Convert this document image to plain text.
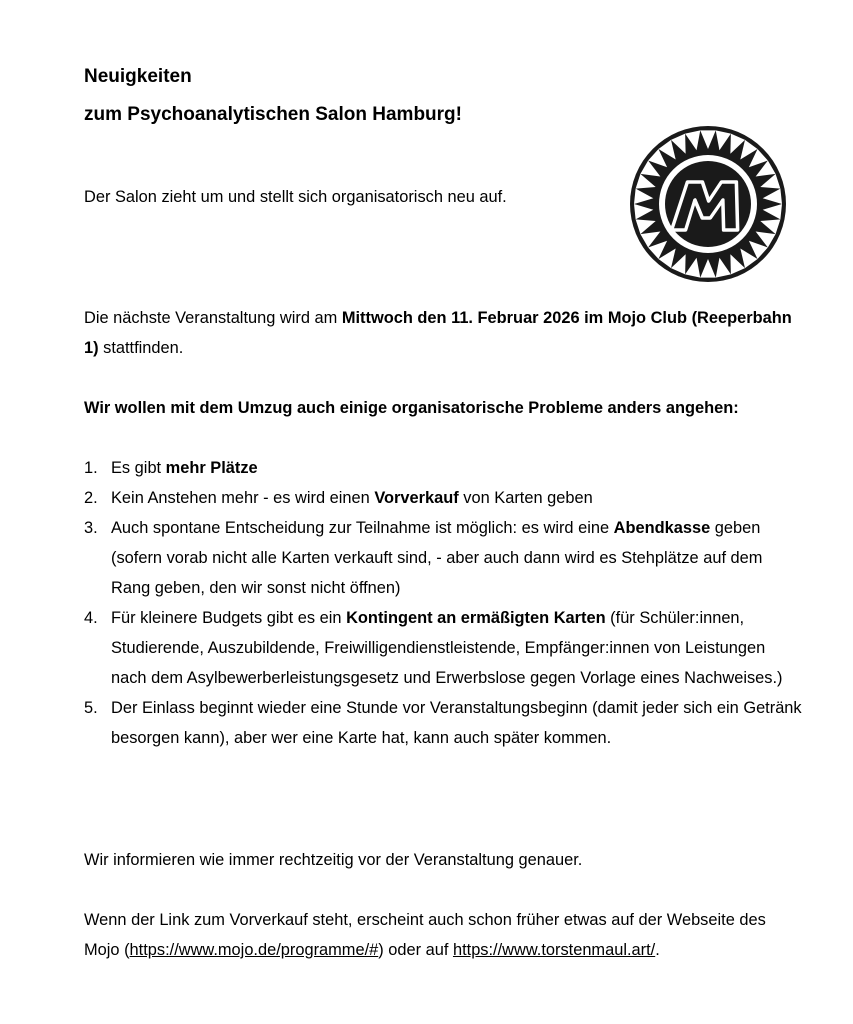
Neuigkeiten
zum Psychoanalytischen Salon Hamburg!

Der Salon zieht um und stellt sich organisatorisch neu auf.

Die nächste Veranstaltung wird am Mittwoch den 11. Februar 2026 im Mojo Club (Reeperbahn 1) stattfinden.

Wir wollen mit dem Umzug auch einige organisatorische Probleme anders angehen:

1. Es gibt mehr Plätze
2. Kein Anstehen mehr - es wird einen Vorverkauf von Karten geben
3. Auch spontane Entscheidung zur Teilnahme ist möglich: es wird eine Abendkasse geben (sofern vorab nicht alle Karten verkauft sind, - aber auch dann wird es Stehplätze auf dem Rang geben, den wir sonst nicht öffnen)
4. Für kleinere Budgets gibt es ein Kontingent an ermäßigten Karten (für Schüler:innen, Studierende, Auszubildende, Freiwilligendienstleistende, Empfänger:innen von Leistungen nach dem Asylbewerberleistungsgesetz und Erwerbslose gegen Vorlage eines Nachweises.)
5. Der Einlass beginnt wieder eine Stunde vor Veranstaltungsbeginn (damit jeder sich ein Getränk besorgen kann), aber wer eine Karte hat, kann auch später kommen.

Wir informieren wie immer rechtzeitig vor der Veranstaltung genauer.

Wenn der Link zum Vorverkauf steht, erscheint auch schon früher etwas auf der Webseite des Mojo (https://www.mojo.de/programme/#) oder auf https://www.torstenmaul.art/.
